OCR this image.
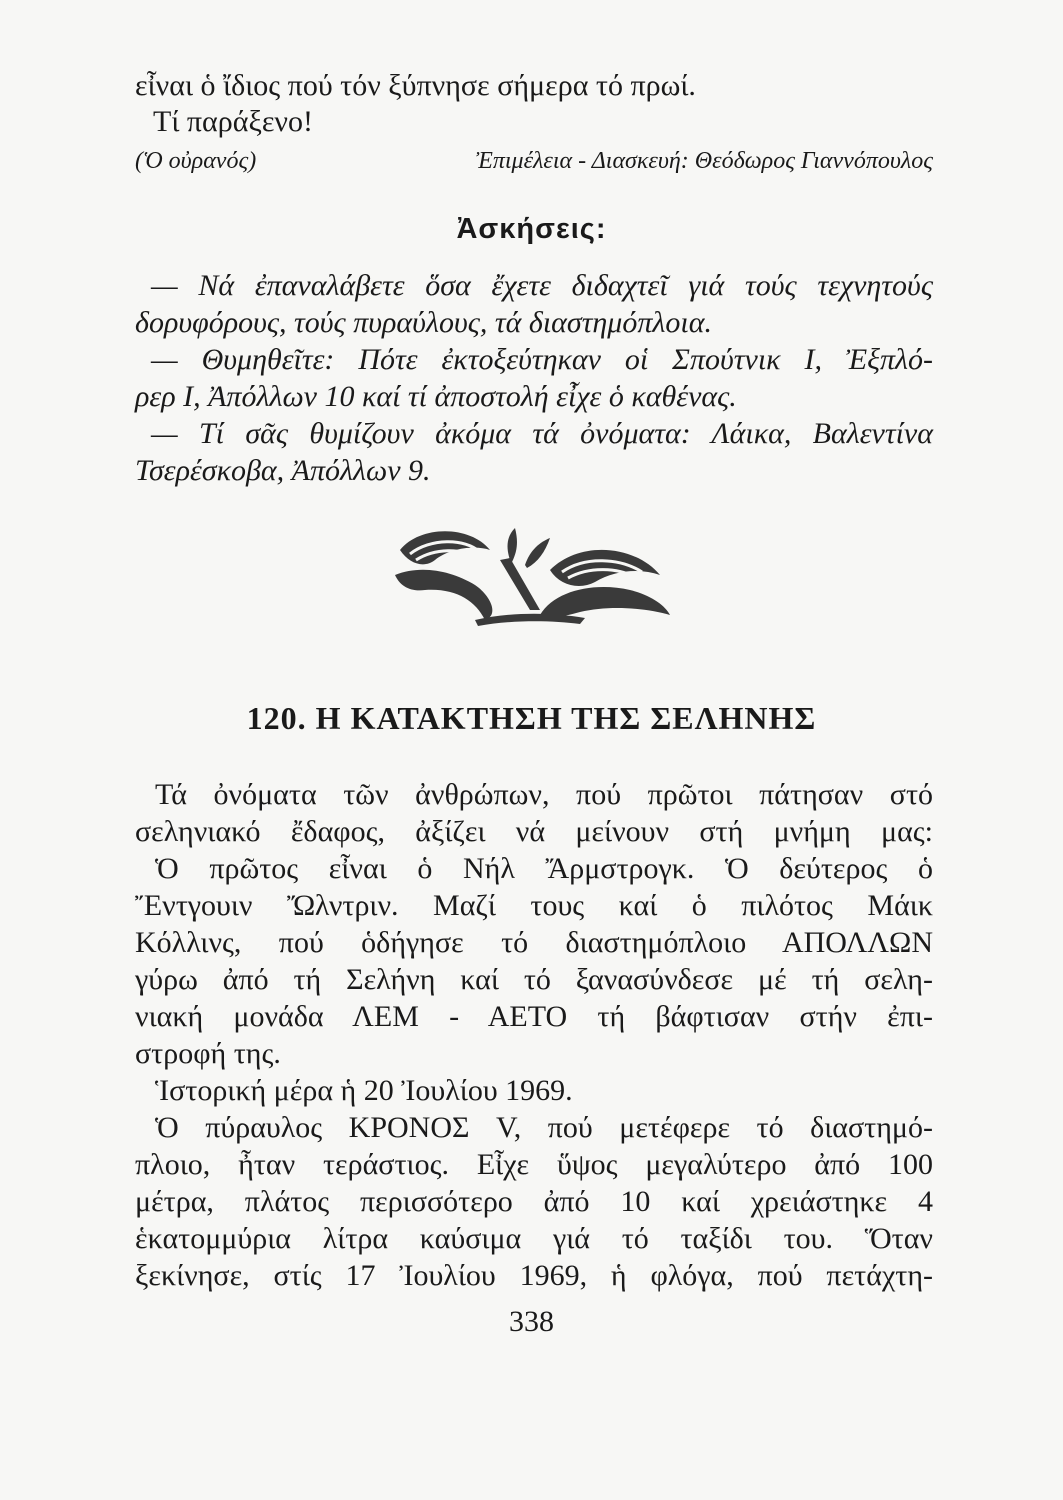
εἶναι ὁ ἴδιος πού τόν ξύπνησε σήμερα τό πρωί.
Τί παράξενο!
(Ὁ οὐρανός)	Ἐπιμέλεια - Διασκευή: Θεόδωρος Γιαννόπουλος
Ἀσκήσεις:
— Νά ἐπαναλάβετε ὅσα ἔχετε διδαχτεῖ γιά τούς τεχνητούς
δορυφόρους, τούς πυραύλους, τά διαστημόπλοια.
— Θυμηθεῖτε: Πότε ἐκτοξεύτηκαν οἱ Σπούτνικ Ι, Ἐξπλό-
ρερ Ι, Ἀπόλλων 10 καί τί ἀποστολή εἶχε ὁ καθένας.
— Τί σᾶς θυμίζουν ἀκόμα τά ὀνόματα: Λάικα, Βαλεντίνα
Τσερέσκοβα, Ἀπόλλων 9.
120. Η ΚΑΤΑΚΤΗΣΗ ΤΗΣ ΣΕΛΗΝΗΣ
Τά ὀνόματα τῶν ἀνθρώπων, πού πρῶτοι πάτησαν στό
σεληνιακό ἔδαφος, ἀξίζει νά μείνουν στή μνήμη μας:
Ὁ πρῶτος εἶναι ὁ Νήλ Ἄρμστρογκ. Ὁ δεύτερος ὁ
Ἔντγουιν Ὤλντριν. Μαζί τους καί ὁ πιλότος Μάικ
Κόλλινς, πού ὁδήγησε τό διαστημόπλοιο ΑΠΟΛΛΩΝ
γύρω ἀπό τή Σελήνη καί τό ξανασύνδεσε μέ τή σελη-
νιακή μονάδα ΛΕΜ - ΑΕΤΟ τή βάφτισαν στήν ἐπι-
στροφή της.
Ἱστορική μέρα ἡ 20 Ἰουλίου 1969.
Ὁ πύραυλος ΚΡΟΝΟΣ V, πού μετέφερε τό διαστημό-
πλοιο, ἦταν τεράστιος. Εἶχε ὕψος μεγαλύτερο ἀπό 100
μέτρα, πλάτος περισσότερο ἀπό 10 καί χρειάστηκε 4
ἑκατομμύρια λίτρα καύσιμα γιά τό ταξίδι του. Ὅταν
ξεκίνησε, στίς 17 Ἰουλίου 1969, ἡ φλόγα, πού πετάχτη-
338
